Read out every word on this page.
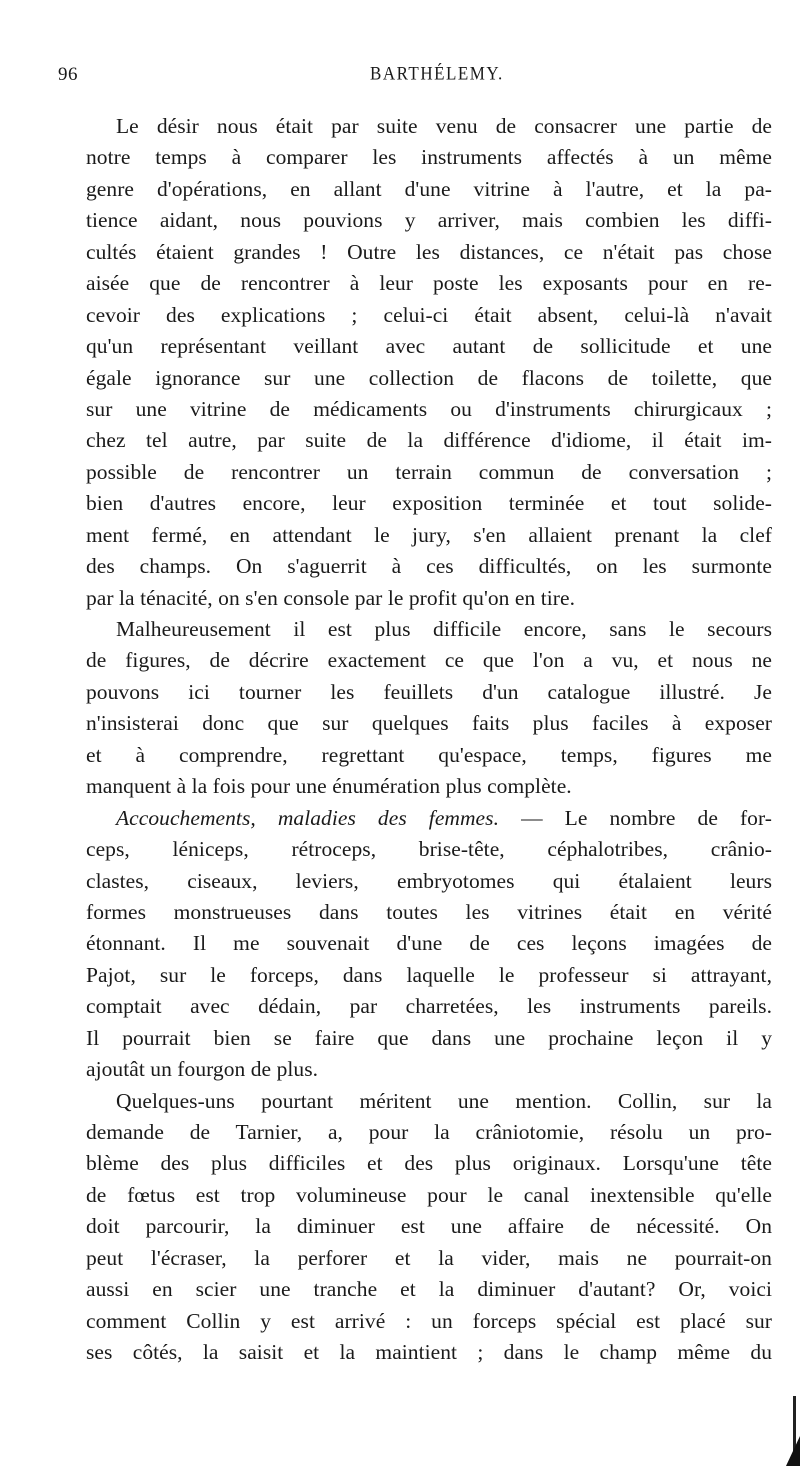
96	BARTHÉLEMY.
Le désir nous était par suite venu de consacrer une partie de
notre temps à comparer les instruments affectés à un même
genre d'opérations, en allant d'une vitrine à l'autre, et la pa-
tience aidant, nous pouvions y arriver, mais combien les diffi-
cultés étaient grandes ! Outre les distances, ce n'était pas chose
aisée que de rencontrer à leur poste les exposants pour en re-
cevoir des explications ; celui-ci était absent, celui-là n'avait
qu'un représentant veillant avec autant de sollicitude et une
égale ignorance sur une collection de flacons de toilette, que
sur une vitrine de médicaments ou d'instruments chirurgicaux ;
chez tel autre, par suite de la différence d'idiome, il était im-
possible de rencontrer un terrain commun de conversation ;
bien d'autres encore, leur exposition terminée et tout solide-
ment fermé, en attendant le jury, s'en allaient prenant la clef
des champs. On s'aguerrit à ces difficultés, on les surmonte
par la ténacité, on s'en console par le profit qu'on en tire.
Malheureusement il est plus difficile encore, sans le secours
de figures, de décrire exactement ce que l'on a vu, et nous ne
pouvons ici tourner les feuillets d'un catalogue illustré. Je
n'insisterai donc que sur quelques faits plus faciles à exposer
et à comprendre, regrettant qu'espace, temps, figures me
manquent à la fois pour une énumération plus complète.
Accouchements, maladies des femmes. — Le nombre de for-
ceps, léniceps, rétroceps, brise-tête, céphalotribes, crânio-
clastes, ciseaux, leviers, embryotomes qui étalaient leurs
formes monstrueuses dans toutes les vitrines était en vérité
étonnant. Il me souvenait d'une de ces leçons imagées de
Pajot, sur le forceps, dans laquelle le professeur si attrayant,
comptait avec dédain, par charretées, les instruments pareils.
Il pourrait bien se faire que dans une prochaine leçon il y
ajoutât un fourgon de plus.
Quelques-uns pourtant méritent une mention. Collin, sur la
demande de Tarnier, a, pour la crâniotomie, résolu un pro-
blème des plus difficiles et des plus originaux. Lorsqu'une tête
de fœtus est trop volumineuse pour le canal inextensible qu'elle
doit parcourir, la diminuer est une affaire de nécessité. On
peut l'écraser, la perforer et la vider, mais ne pourrait-on
aussi en scier une tranche et la diminuer d'autant? Or, voici
comment Collin y est arrivé : un forceps spécial est placé sur
ses côtés, la saisit et la maintient ; dans le champ même du
